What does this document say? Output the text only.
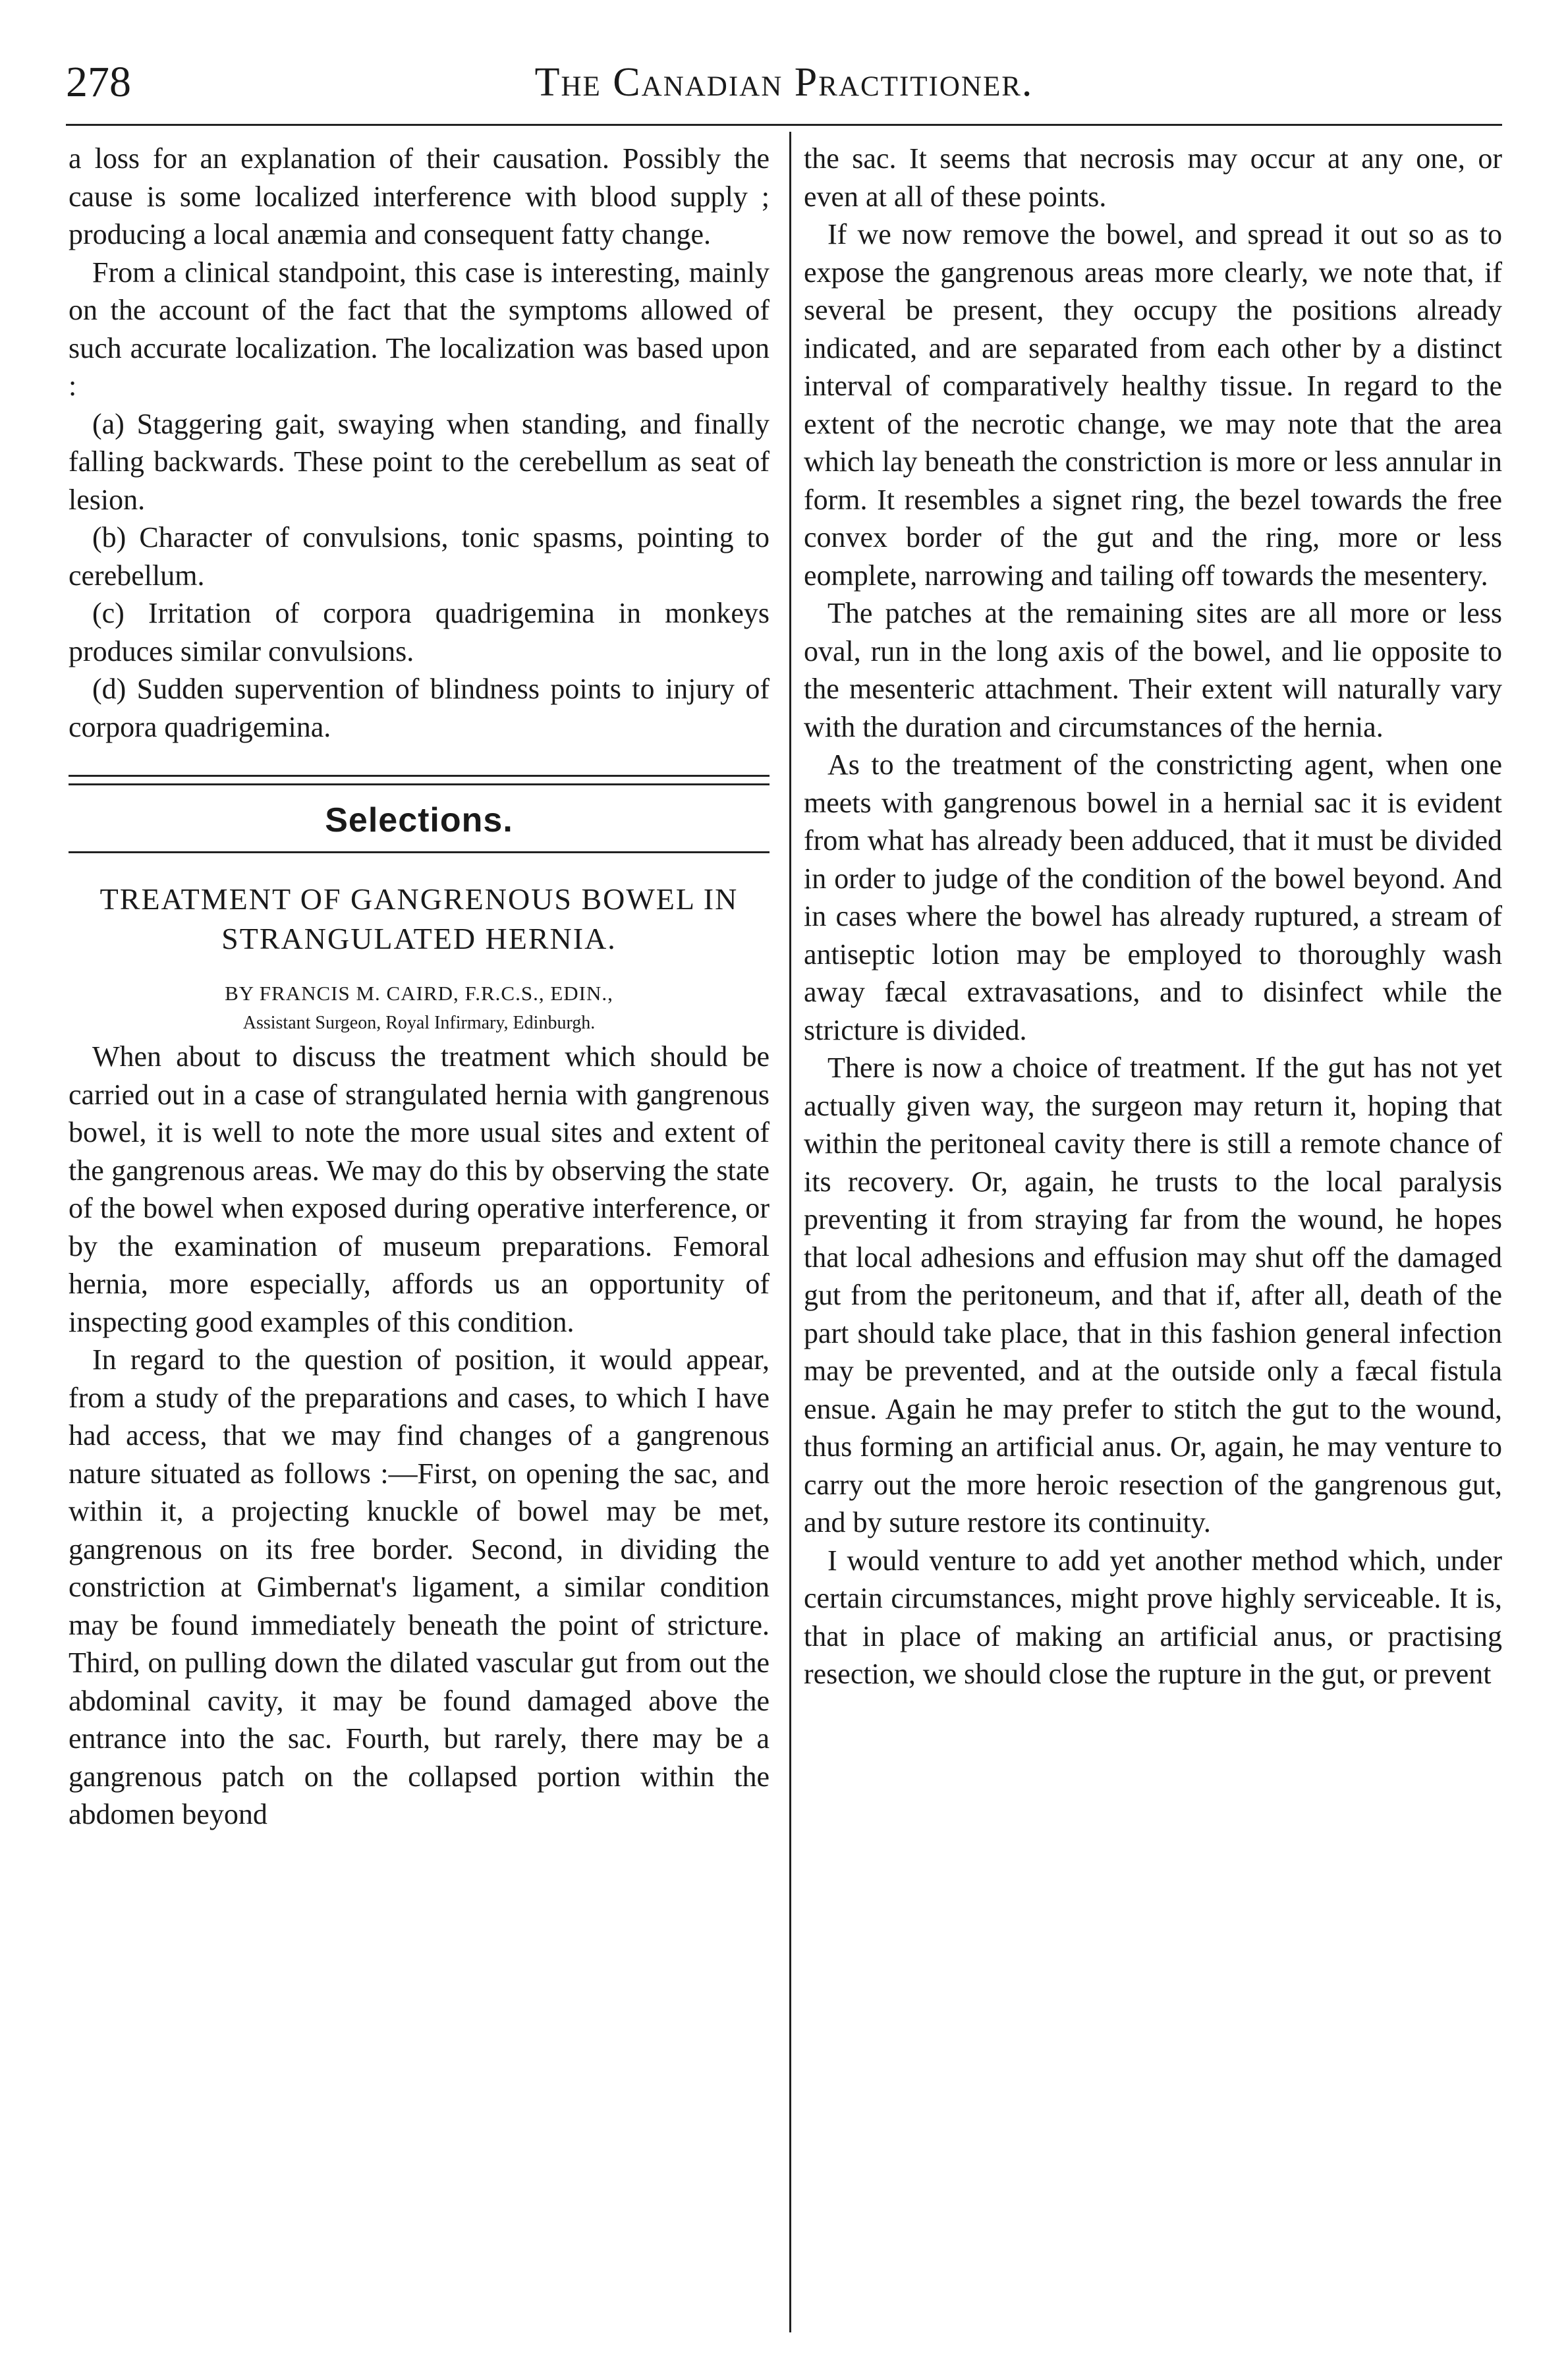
278	The Canadian Practitioner.

a loss for an explanation of their causation. Possibly the cause is some localized interference with blood supply ; producing a local anæmia and consequent fatty change.

From a clinical standpoint, this case is interesting, mainly on the account of the fact that the symptoms allowed of such accurate localization. The localization was based upon :

(a) Staggering gait, swaying when standing, and finally falling backwards. These point to the cerebellum as seat of lesion.

(b) Character of convulsions, tonic spasms, pointing to cerebellum.

(c) Irritation of corpora quadrigemina in monkeys produces similar convulsions.

(d) Sudden supervention of blindness points to injury of corpora quadrigemina.

Selections.
TREATMENT OF GANGRENOUS BOWEL IN STRANGULATED HERNIA.

BY FRANCIS M. CAIRD, F.R.C.S., EDIN.,

Assistant Surgeon, Royal Infirmary, Edinburgh.

When about to discuss the treatment which should be carried out in a case of strangulated hernia with gangrenous bowel, it is well to note the more usual sites and extent of the gangrenous areas. We may do this by observing the state of the bowel when exposed during operative interference, or by the examination of museum preparations. Femoral hernia, more especially, affords us an opportunity of inspecting good examples of this condition.

In regard to the question of position, it would appear, from a study of the preparations and cases, to which I have had access, that we may find changes of a gangrenous nature situated as follows :—First, on opening the sac, and within it, a projecting knuckle of bowel may be met, gangrenous on its free border. Second, in dividing the constriction at Gimbernat's ligament, a similar condition may be found immediately beneath the point of stricture. Third, on pulling down the dilated vascular gut from out the abdominal cavity, it may be found damaged above the entrance into the sac. Fourth, but rarely, there may be a gangrenous patch on the collapsed portion within the abdomen beyond

the sac. It seems that necrosis may occur at any one, or even at all of these points.

If we now remove the bowel, and spread it out so as to expose the gangrenous areas more clearly, we note that, if several be present, they occupy the positions already indicated, and are separated from each other by a distinct interval of comparatively healthy tissue. In regard to the extent of the necrotic change, we may note that the area which lay beneath the constriction is more or less annular in form. It resembles a signet ring, the bezel towards the free convex border of the gut and the ring, more or less eomplete, narrowing and tailing off towards the mesentery.

The patches at the remaining sites are all more or less oval, run in the long axis of the bowel, and lie opposite to the mesenteric attachment. Their extent will naturally vary with the duration and circumstances of the hernia.

As to the treatment of the constricting agent, when one meets with gangrenous bowel in a hernial sac it is evident from what has already been adduced, that it must be divided in order to judge of the condition of the bowel beyond. And in cases where the bowel has already ruptured, a stream of antiseptic lotion may be employed to thoroughly wash away fæcal extravasations, and to disinfect while the stricture is divided.

There is now a choice of treatment. If the gut has not yet actually given way, the surgeon may return it, hoping that within the peritoneal cavity there is still a remote chance of its recovery. Or, again, he trusts to the local paralysis preventing it from straying far from the wound, he hopes that local adhesions and effusion may shut off the damaged gut from the peritoneum, and that if, after all, death of the part should take place, that in this fashion general infection may be prevented, and at the outside only a fæcal fistula ensue. Again he may prefer to stitch the gut to the wound, thus forming an artificial anus. Or, again, he may venture to carry out the more heroic resection of the gangrenous gut, and by suture restore its continuity.

I would venture to add yet another method which, under certain circumstances, might prove highly serviceable. It is, that in place of making an artificial anus, or practising resection, we should close the rupture in the gut, or prevent
